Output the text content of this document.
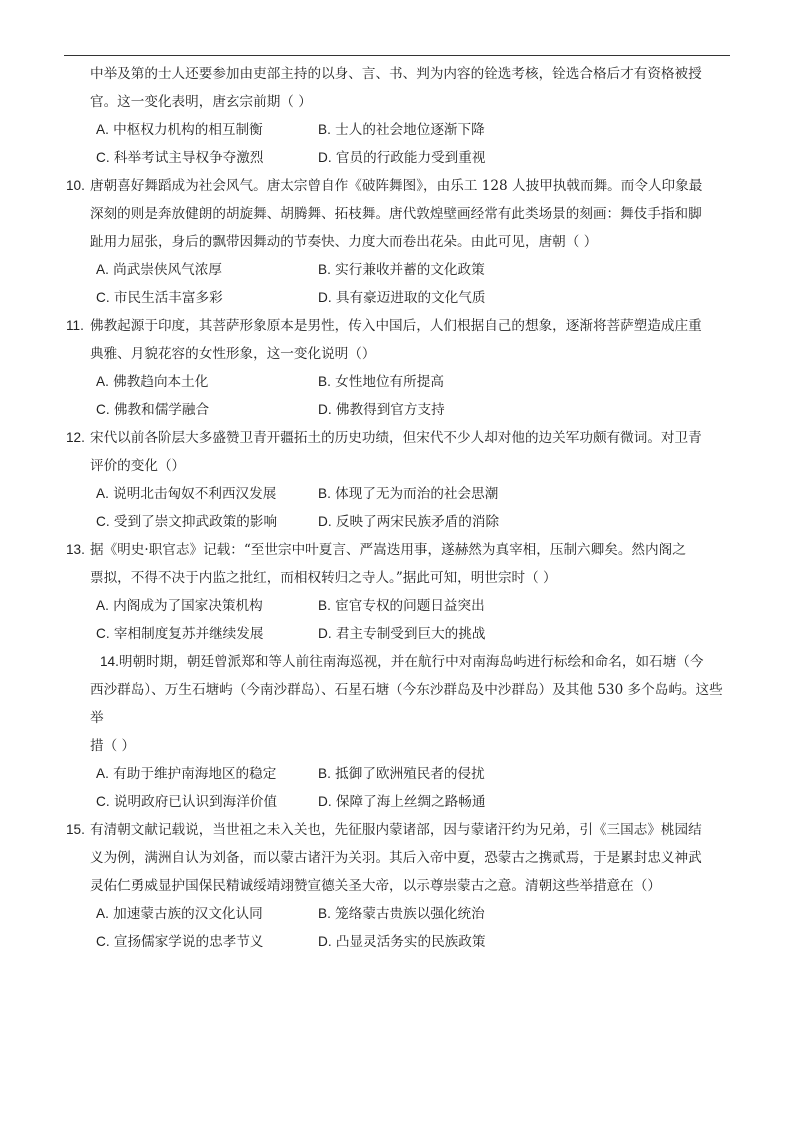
中举及第的士人还要参加由吏部主持的以身、言、书、判为内容的铨选考核，铨选合格后才有资格被授
官。这一变化表明，唐玄宗前期（ ）
A. 中枢权力机构的相互制衡	B. 士人的社会地位逐渐下降
C. 科举考试主导权争夺激烈	D. 官员的行政能力受到重视
10. 唐朝喜好舞蹈成为社会风气。唐太宗曾自作《破阵舞图》，由乐工 128 人披甲执戟而舞。而令人印象最
深刻的则是奔放健朗的胡旋舞、胡腾舞、拓枝舞。唐代敦煌壁画经常有此类场景的刻画：舞伎手指和脚
趾用力屈张，身后的飘带因舞动的节奏快、力度大而卷出花朵。由此可见，唐朝（ ）
A. 尚武崇侠风气浓厚	B. 实行兼收并蓄的文化政策
C. 市民生活丰富多彩	D. 具有豪迈进取的文化气质
11. 佛教起源于印度，其菩萨形象原本是男性，传入中国后，人们根据自己的想象，逐渐将菩萨塑造成庄重
典雅、月貌花容的女性形象，这一变化说明（）
A. 佛教趋向本土化	B. 女性地位有所提高
C. 佛教和儒学融合	D. 佛教得到官方支持
12. 宋代以前各阶层大多盛赞卫青开疆拓土的历史功绩，但宋代不少人却对他的边关军功颇有微词。对卫青
评价的变化（）
A. 说明北击匈奴不利西汉发展	B. 体现了无为而治的社会思潮
C. 受到了崇文抑武政策的影响	D. 反映了两宋民族矛盾的消除
13. 据《明史·职官志》记载：“至世宗中叶夏言、严嵩迭用事，遂赫然为真宰相，压制六卿矣。然内阁之
票拟，不得不决于内监之批红，而相权转归之寺人。”据此可知，明世宗时（ ）
A. 内阁成为了国家决策机构	B. 宦官专权的问题日益突出
C. 宰相制度复苏并继续发展	D. 君主专制受到巨大的挑战
14.明朝时期，朝廷曾派郑和等人前往南海巡视，并在航行中对南海岛屿进行标绘和命名，如石塘（今
西沙群岛）、万生石塘屿（今南沙群岛）、石星石塘（今东沙群岛及中沙群岛）及其他 530 多个岛屿。这些举
措（ ）
A. 有助于维护南海地区的稳定	B. 抵御了欧洲殖民者的侵扰
C. 说明政府已认识到海洋价值	D. 保障了海上丝绸之路畅通
15. 有清朝文献记载说，当世祖之未入关也，先征服内蒙诸部，因与蒙诸汗约为兄弟，引《三国志》桃园结
义为例，满洲自认为刘备，而以蒙古诸汗为关羽。其后入帝中夏，恐蒙古之携贰焉，于是累封忠义神武
灵佑仁勇威显护国保民精诚绥靖翊赞宣德关圣大帝，以示尊崇蒙古之意。清朝这些举措意在（）
A. 加速蒙古族的汉文化认同	B. 笼络蒙古贵族以强化统治
C. 宣扬儒家学说的忠孝节义	D. 凸显灵活务实的民族政策
